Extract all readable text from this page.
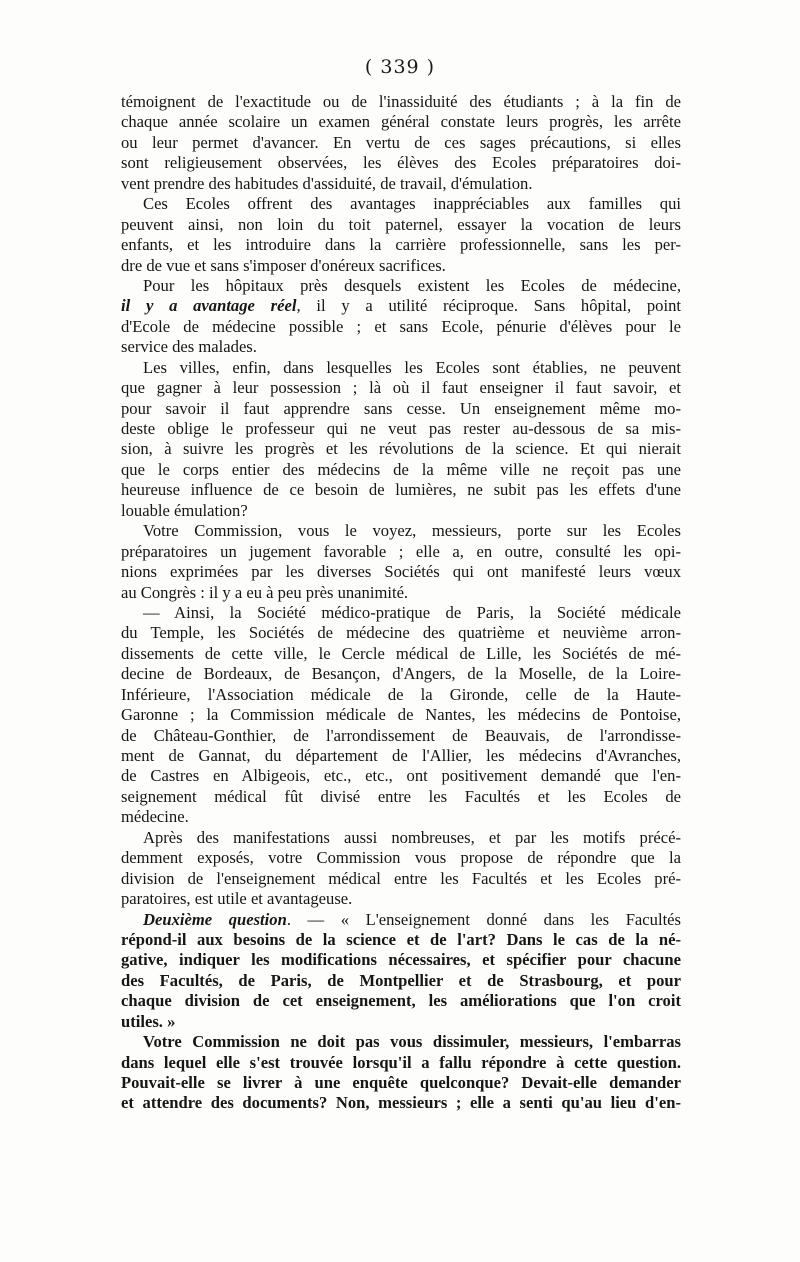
( 339 )
témoignent de l'exactitude ou de l'inassiduité des étudiants ; à la fin de
chaque année scolaire un examen général constate leurs progrès, les arrête
ou leur permet d'avancer. En vertu de ces sages précautions, si elles
sont religieusement observées, les élèves des Ecoles préparatoires doi-
vent prendre des habitudes d'assiduité, de travail, d'émulation.
Ces Ecoles offrent des avantages inappréciables aux familles qui
peuvent ainsi, non loin du toit paternel, essayer la vocation de leurs
enfants, et les introduire dans la carrière professionnelle, sans les per-
dre de vue et sans s'imposer d'onéreux sacrifices.
Pour les hôpitaux près desquels existent les Ecoles de médecine,
il y a avantage réel, il y a utilité réciproque. Sans hôpital, point
d'Ecole de médecine possible ; et sans Ecole, pénurie d'élèves pour le
service des malades.
Les villes, enfin, dans lesquelles les Ecoles sont établies, ne peuvent
que gagner à leur possession ; là où il faut enseigner il faut savoir, et
pour savoir il faut apprendre sans cesse. Un enseignement même mo-
deste oblige le professeur qui ne veut pas rester au-dessous de sa mis-
sion, à suivre les progrès et les révolutions de la science. Et qui nierait
que le corps entier des médecins de la même ville ne reçoit pas une
heureuse influence de ce besoin de lumières, ne subit pas les effets d'une
louable émulation?
Votre Commission, vous le voyez, messieurs, porte sur les Ecoles
préparatoires un jugement favorable ; elle a, en outre, consulté les opi-
nions exprimées par les diverses Sociétés qui ont manifesté leurs vœux
au Congrès : il y a eu à peu près unanimité.
— Ainsi, la Société médico-pratique de Paris, la Société médicale
du Temple, les Sociétés de médecine des quatrième et neuvième arron-
dissements de cette ville, le Cercle médical de Lille, les Sociétés de mé-
decine de Bordeaux, de Besançon, d'Angers, de la Moselle, de la Loire-
Inférieure, l'Association médicale de la Gironde, celle de la Haute-
Garonne ; la Commission médicale de Nantes, les médecins de Pontoise,
de Château-Gonthier, de l'arrondissement de Beauvais, de l'arrondisse-
ment de Gannat, du département de l'Allier, les médecins d'Avranches,
de Castres en Albigeois, etc., etc., ont positivement demandé que l'en-
seignement médical fût divisé entre les Facultés et les Ecoles de
médecine.
Après des manifestations aussi nombreuses, et par les motifs précé-
demment exposés, votre Commission vous propose de répondre que la
division de l'enseignement médical entre les Facultés et les Ecoles pré-
paratoires, est utile et avantageuse.
Deuxième question. — « L'enseignement donné dans les Facultés
répond-il aux besoins de la science et de l'art? Dans le cas de la né-
gative, indiquer les modifications nécessaires, et spécifier pour chacune
des Facultés, de Paris, de Montpellier et de Strasbourg, et pour
chaque division de cet enseignement, les améliorations que l'on croit
utiles. »
Votre Commission ne doit pas vous dissimuler, messieurs, l'embarras
dans lequel elle s'est trouvée lorsqu'il a fallu répondre à cette question.
Pouvait-elle se livrer à une enquête quelconque? Devait-elle demander
et attendre des documents? Non, messieurs ; elle a senti qu'au lieu d'en-
